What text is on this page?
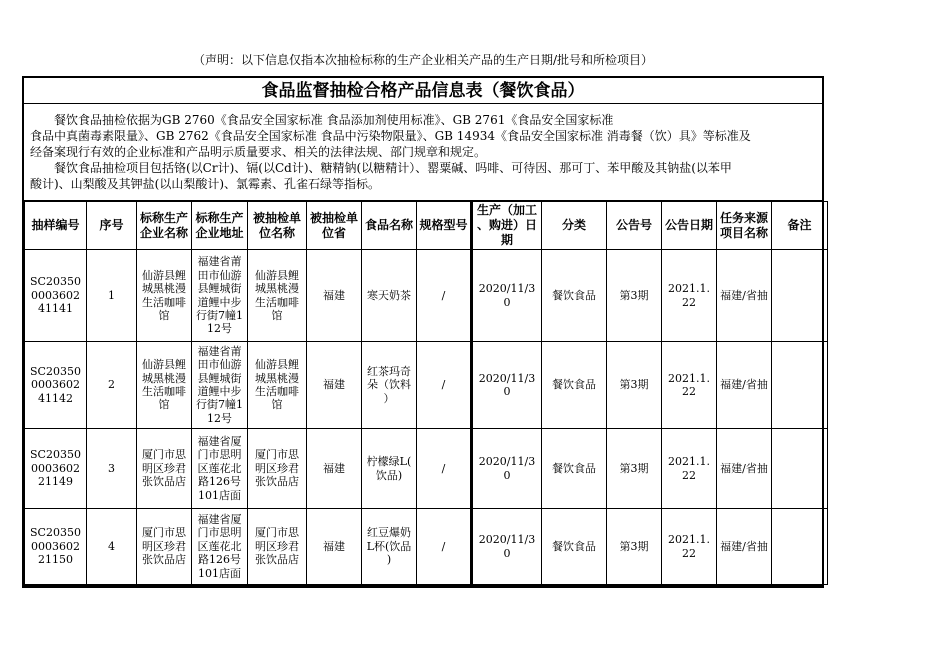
（声明：以下信息仅指本次抽检标称的生产企业相关产品的生产日期/批号和所检项目）
食品监督抽检合格产品信息表（餐饮食品）
餐饮食品抽检依据为GB 2760《食品安全国家标准 食品添加剂使用标准》、GB 2761《食品安全国家标准
食品中真菌毒素限量》、GB 2762《食品安全国家标准 食品中污染物限量》、GB 14934《食品安全国家标准 消毒餐（饮）具》等标准及
经备案现行有效的企业标准和产品明示质量要求、相关的法律法规、部门规章和规定。
餐饮食品抽检项目包括铬(以Cr计)、镉(以Cd计)、糖精钠(以糖精计）、罂粟碱、吗啡、可待因、那可丁、苯甲酸及其钠盐(以苯甲
酸计)、山梨酸及其钾盐(以山梨酸计)、氯霉素、孔雀石绿等指标。
抽样编号	序号	标称生产企业名称	标称生产企业地址	被抽检单位名称	被抽检单位省	食品名称	规格型号	生产（加工、购进）日期	分类	公告号	公告日期	任务来源项目名称	备注
SC20350000360241141	1	仙游县鲤城黑桃漫生活咖啡馆	福建省莆田市仙游县鲤城街道鲤中步行街7幢112号	仙游县鲤城黑桃漫生活咖啡馆	福建	寒天奶茶	/	2020/11/30	餐饮食品	第3期	2021.1.22	福建/省抽	
SC20350000360241142	2	仙游县鲤城黑桃漫生活咖啡馆	福建省莆田市仙游县鲤城街道鲤中步行街7幢112号	仙游县鲤城黑桃漫生活咖啡馆	福建	红茶玛奇朵（饮料）	/	2020/11/30	餐饮食品	第3期	2021.1.22	福建/省抽	
SC20350000360221149	3	厦门市思明区珍君张饮品店	福建省厦门市思明区莲花北路126号101店面	厦门市思明区珍君张饮品店	福建	柠檬绿L(饮品)	/	2020/11/30	餐饮食品	第3期	2021.1.22	福建/省抽	
SC20350000360221150	4	厦门市思明区珍君张饮品店	福建省厦门市思明区莲花北路126号101店面	厦门市思明区珍君张饮品店	福建	红豆爆奶L杯(饮品)	/	2020/11/30	餐饮食品	第3期	2021.1.22	福建/省抽	
